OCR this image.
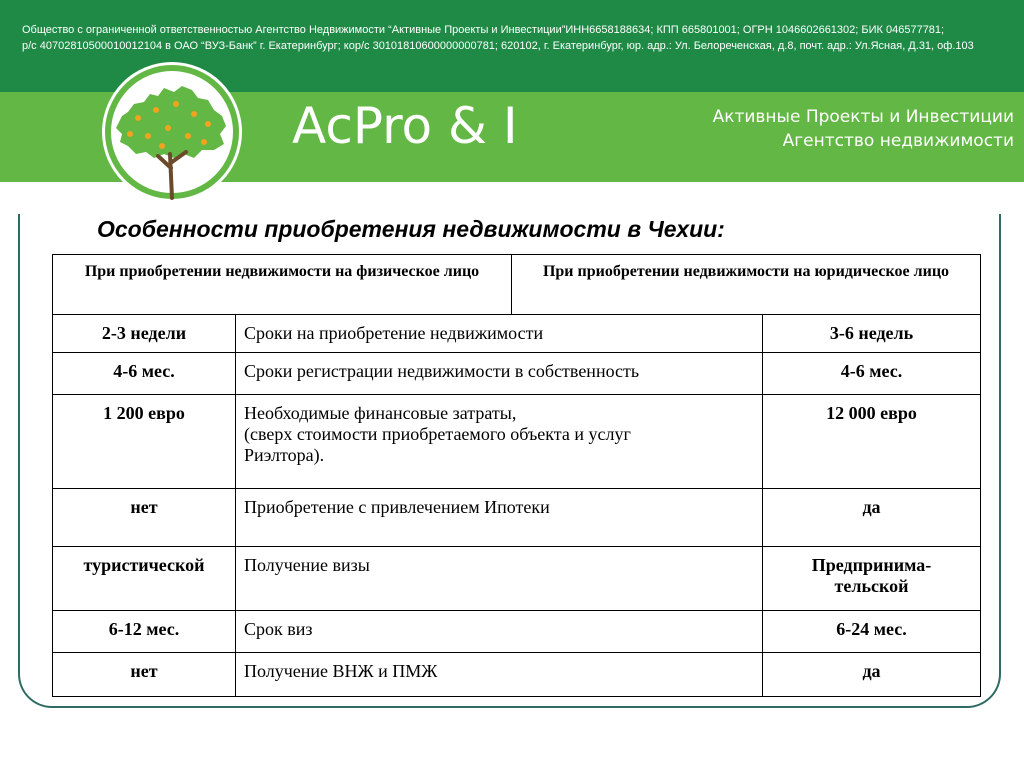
Общество с ограниченной ответственностью Агентство Недвижимости “Активные Проекты и Инвестиции”ИНН6658188634; КПП 665801001; ОГРН 1046602661302; БИК 046577781;
р/с 40702810500010012104 в ОАО “ВУЗ-Банк” г. Екатеринбург; кор/с 30101810600000000781; 620102, г. Екатеринбург, юр. адр.: Ул. Белореченская, д.8, почт. адр.: Ул.Ясная, Д.31, оф.103
AcPro & I	Активные Проекты и Инвестиции
Агентство недвижимости
Особенности приобретения недвижимости в Чехии:
При приобретении недвижимости на физическое лицо		При приобретении недвижимости на юридическое лицо	
2-3 недели	Сроки на приобретение недвижимости		3-6 недель
4-6 мес.	Сроки регистрации недвижимости в собственность		4-6 мес.
1 200 евро	Необходимые финансовые затраты,
(сверх стоимости приобретаемого объекта и услуг
Риэлтора).		12 000 евро
нет	Приобретение с привлечением Ипотеки		да
туристической	Получение визы		Предпринима-
тельской

6-12 мес.	Срок виз		6-24 мес.
нет	Получение ВНЖ и ПМЖ		да
